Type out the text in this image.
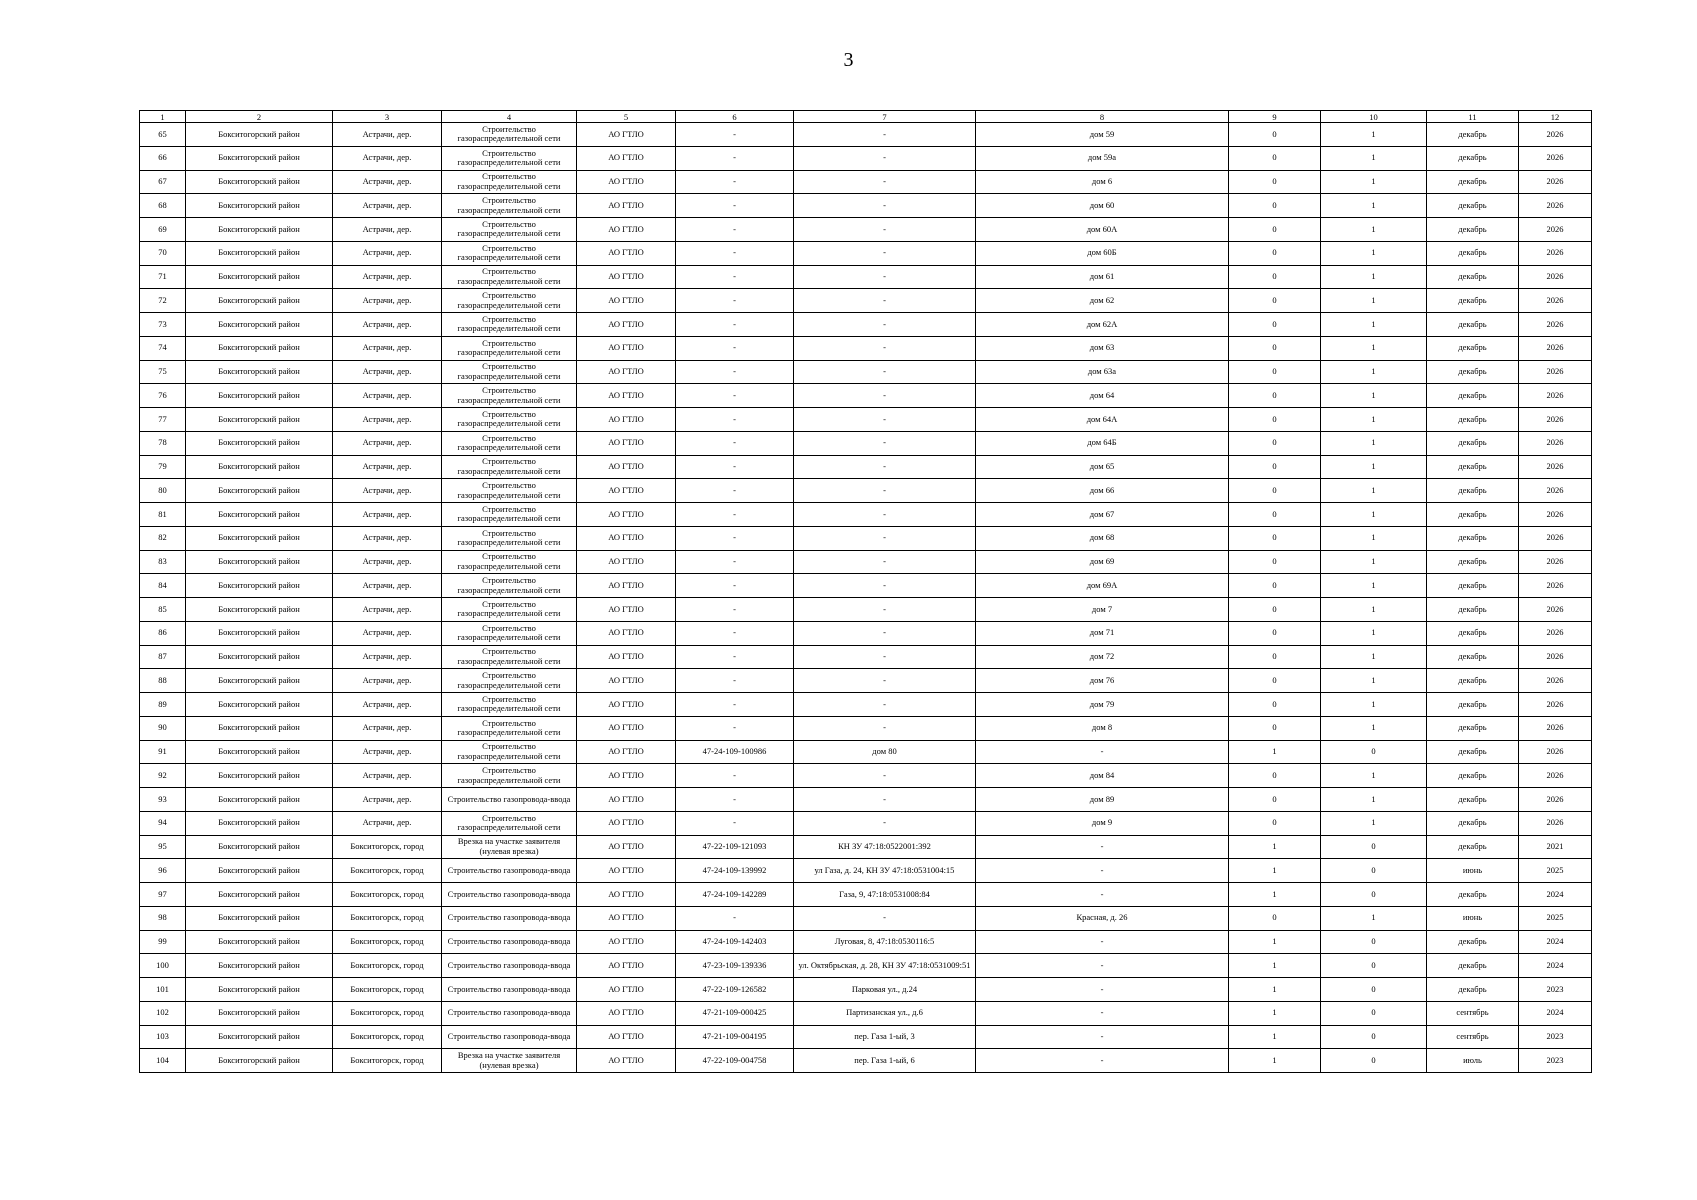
3
1	2	3	4	5	6	7	8	9	10	11	12
65	Бокситогорский район	Астрачи, дер.	Строительство газораспределительной сети	АО ГТЛО	-	-	дом 59	0	1	декабрь	2026
66	Бокситогорский район	Астрачи, дер.	Строительство газораспределительной сети	АО ГТЛО	-	-	дом 59а	0	1	декабрь	2026
67	Бокситогорский район	Астрачи, дер.	Строительство газораспределительной сети	АО ГТЛО	-	-	дом 6	0	1	декабрь	2026
68	Бокситогорский район	Астрачи, дер.	Строительство газораспределительной сети	АО ГТЛО	-	-	дом 60	0	1	декабрь	2026
69	Бокситогорский район	Астрачи, дер.	Строительство газораспределительной сети	АО ГТЛО	-	-	дом 60А	0	1	декабрь	2026
70	Бокситогорский район	Астрачи, дер.	Строительство газораспределительной сети	АО ГТЛО	-	-	дом 60Б	0	1	декабрь	2026
71	Бокситогорский район	Астрачи, дер.	Строительство газораспределительной сети	АО ГТЛО	-	-	дом 61	0	1	декабрь	2026
72	Бокситогорский район	Астрачи, дер.	Строительство газораспределительной сети	АО ГТЛО	-	-	дом 62	0	1	декабрь	2026
73	Бокситогорский район	Астрачи, дер.	Строительство газораспределительной сети	АО ГТЛО	-	-	дом 62А	0	1	декабрь	2026
74	Бокситогорский район	Астрачи, дер.	Строительство газораспределительной сети	АО ГТЛО	-	-	дом 63	0	1	декабрь	2026
75	Бокситогорский район	Астрачи, дер.	Строительство газораспределительной сети	АО ГТЛО	-	-	дом 63а	0	1	декабрь	2026
76	Бокситогорский район	Астрачи, дер.	Строительство газораспределительной сети	АО ГТЛО	-	-	дом 64	0	1	декабрь	2026
77	Бокситогорский район	Астрачи, дер.	Строительство газораспределительной сети	АО ГТЛО	-	-	дом 64А	0	1	декабрь	2026
78	Бокситогорский район	Астрачи, дер.	Строительство газораспределительной сети	АО ГТЛО	-	-	дом 64Б	0	1	декабрь	2026
79	Бокситогорский район	Астрачи, дер.	Строительство газораспределительной сети	АО ГТЛО	-	-	дом 65	0	1	декабрь	2026
80	Бокситогорский район	Астрачи, дер.	Строительство газораспределительной сети	АО ГТЛО	-	-	дом 66	0	1	декабрь	2026
81	Бокситогорский район	Астрачи, дер.	Строительство газораспределительной сети	АО ГТЛО	-	-	дом 67	0	1	декабрь	2026
82	Бокситогорский район	Астрачи, дер.	Строительство газораспределительной сети	АО ГТЛО	-	-	дом 68	0	1	декабрь	2026
83	Бокситогорский район	Астрачи, дер.	Строительство газораспределительной сети	АО ГТЛО	-	-	дом 69	0	1	декабрь	2026
84	Бокситогорский район	Астрачи, дер.	Строительство газораспределительной сети	АО ГТЛО	-	-	дом 69А	0	1	декабрь	2026
85	Бокситогорский район	Астрачи, дер.	Строительство газораспределительной сети	АО ГТЛО	-	-	дом 7	0	1	декабрь	2026
86	Бокситогорский район	Астрачи, дер.	Строительство газораспределительной сети	АО ГТЛО	-	-	дом 71	0	1	декабрь	2026
87	Бокситогорский район	Астрачи, дер.	Строительство газораспределительной сети	АО ГТЛО	-	-	дом 72	0	1	декабрь	2026
88	Бокситогорский район	Астрачи, дер.	Строительство газораспределительной сети	АО ГТЛО	-	-	дом 76	0	1	декабрь	2026
89	Бокситогорский район	Астрачи, дер.	Строительство газораспределительной сети	АО ГТЛО	-	-	дом 79	0	1	декабрь	2026
90	Бокситогорский район	Астрачи, дер.	Строительство газораспределительной сети	АО ГТЛО	-	-	дом 8	0	1	декабрь	2026
91	Бокситогорский район	Астрачи, дер.	Строительство газораспределительной сети	АО ГТЛО	47-24-109-100986	дом 80	-	1	0	декабрь	2026
92	Бокситогорский район	Астрачи, дер.	Строительство газораспределительной сети	АО ГТЛО	-	-	дом 84	0	1	декабрь	2026
93	Бокситогорский район	Астрачи, дер.	Строительство газопровода-ввода	АО ГТЛО	-	-	дом 89	0	1	декабрь	2026
94	Бокситогорский район	Астрачи, дер.	Строительство газораспределительной сети	АО ГТЛО	-	-	дом 9	0	1	декабрь	2026
95	Бокситогорский район	Бокситогорск, город	Врезка на участке заявителя (нулевая врезка)	АО ГТЛО	47-22-109-121093	КН ЗУ 47:18:0522001:392	-	1	0	декабрь	2021
96	Бокситогорский район	Бокситогорск, город	Строительство газопровода-ввода	АО ГТЛО	47-24-109-139992	ул Газа, д. 24, КН ЗУ 47:18:0531004:15	-	1	0	июнь	2025
97	Бокситогорский район	Бокситогорск, город	Строительство газопровода-ввода	АО ГТЛО	47-24-109-142289	Газа, 9, 47:18:0531008:84	-	1	0	декабрь	2024
98	Бокситогорский район	Бокситогорск, город	Строительство газопровода-ввода	АО ГТЛО	-	-	Красная, д. 26	0	1	июнь	2025
99	Бокситогорский район	Бокситогорск, город	Строительство газопровода-ввода	АО ГТЛО	47-24-109-142403	Луговая, 8, 47:18:0530116:5	-	1	0	декабрь	2024
100	Бокситогорский район	Бокситогорск, город	Строительство газопровода-ввода	АО ГТЛО	47-23-109-139336	ул. Октябрьская, д. 28, КН ЗУ 47:18:0531009:51	-	1	0	декабрь	2024
101	Бокситогорский район	Бокситогорск, город	Строительство газопровода-ввода	АО ГТЛО	47-22-109-126582	Парковая ул., д.24	-	1	0	декабрь	2023
102	Бокситогорский район	Бокситогорск, город	Строительство газопровода-ввода	АО ГТЛО	47-21-109-000425	Партизанская ул., д.6	-	1	0	сентябрь	2024
103	Бокситогорский район	Бокситогорск, город	Строительство газопровода-ввода	АО ГТЛО	47-21-109-004195	пер. Газа 1-ый, 3	-	1	0	сентябрь	2023
104	Бокситогорский район	Бокситогорск, город	Врезка на участке заявителя (нулевая врезка)	АО ГТЛО	47-22-109-004758	пер. Газа 1-ый, 6	-	1	0	июль	2023
